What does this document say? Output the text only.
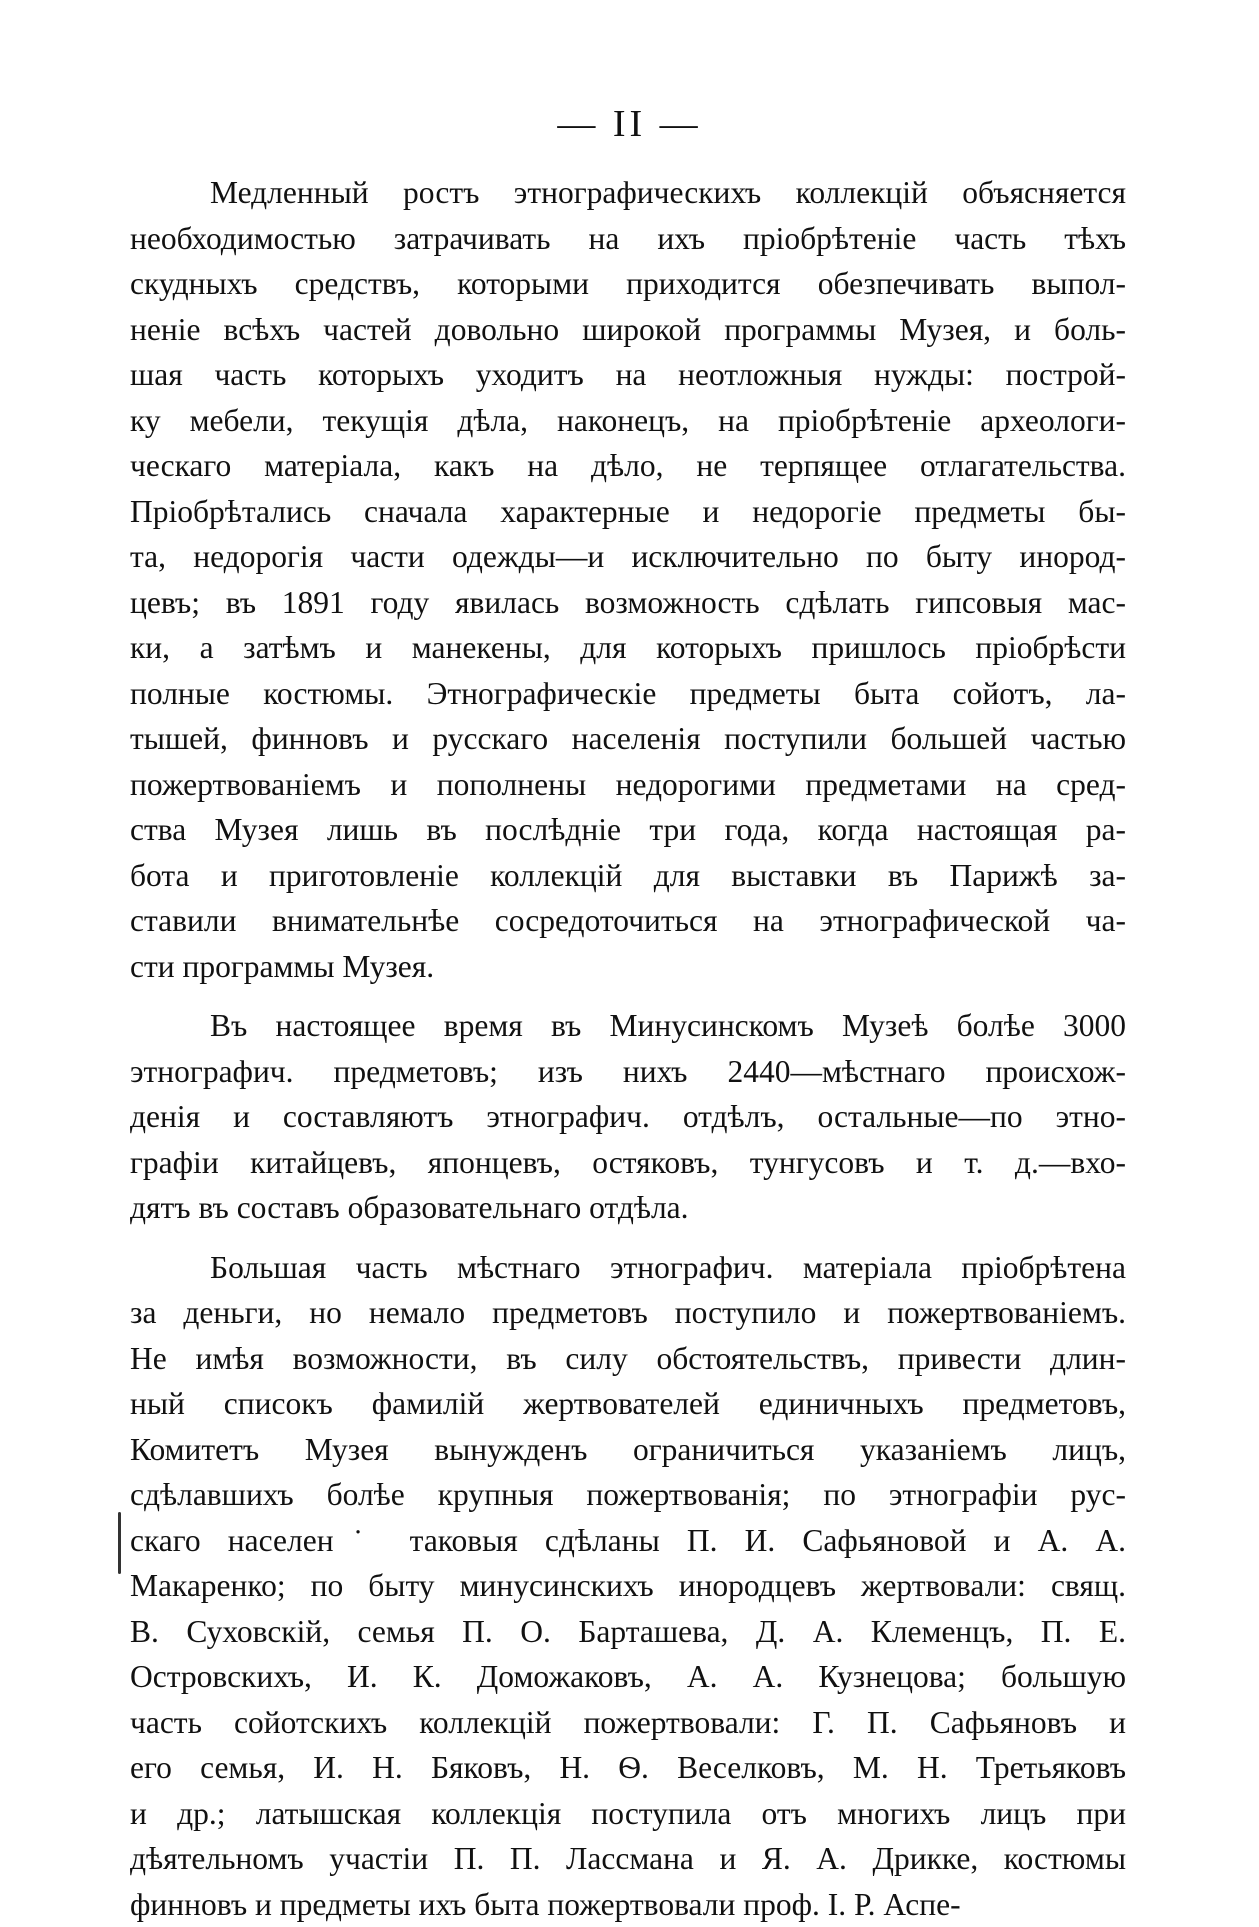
— II —
Медленный ростъ этнографическихъ коллекцій объясняется
необходимостью затрачивать на ихъ пріобрѣтеніе часть тѣхъ
скудныхъ средствъ, которыми приходится обезпечивать выпол-
неніе всѣхъ частей довольно широкой программы Музея, и боль-
шая часть которыхъ уходитъ на неотложныя нужды: построй-
ку мебели, текущія дѣла, наконецъ, на пріобрѣтеніе археологи-
ческаго матеріала, какъ на дѣло, не терпящее отлагательства.
Пріобрѣтались сначала характерные и недорогіе предметы бы-
та, недорогія части одежды—и исключительно по быту инород-
цевъ; въ 1891 году явилась возможность сдѣлать гипсовыя мас-
ки, а затѣмъ и манекены, для которыхъ пришлось пріобрѣсти
полные костюмы. Этнографическіе предметы быта сойотъ, ла-
тышей, финновъ и русскаго населенія поступили большей частью
пожертвованіемъ и пополнены недорогими предметами на сред-
ства Музея лишь въ послѣдніе три года, когда настоящая ра-
бота и приготовленіе коллекцій для выставки въ Парижѣ за-
ставили внимательнѣе сосредоточиться на этнографической ча-
сти программы Музея.
Въ настоящее время въ Минусинскомъ Музеѣ болѣе 3000
этнографич. предметовъ; изъ нихъ 2440—мѣстнаго происхож-
денія и составляютъ этнографич. отдѣлъ, остальные—по этно-
графіи китайцевъ, японцевъ, остяковъ, тунгусовъ и т. д.—вхо-
дятъ въ составъ образовательнаго отдѣла.
Большая часть мѣстнаго этнографич. матеріала пріобрѣтена
за деньги, но немало предметовъ поступило и пожертвованіемъ.
Не имѣя возможности, въ силу обстоятельствъ, привести длин-
ный списокъ фамилій жертвователей единичныхъ предметовъ,
Комитетъ Музея вынужденъ ограничиться указаніемъ лицъ,
сдѣлавшихъ болѣе крупныя пожертвованія; по этнографіи рус-
скаго населен˙ таковыя сдѣланы П. И. Сафьяновой и А. А.
Макаренко; по быту минусинскихъ инородцевъ жертвовали: свящ.
В. Суховскій, семья П. О. Барташева, Д. А. Клеменцъ, П. Е.
Островскихъ, И. К. Доможаковъ, А. А. Кузнецова; большую
часть сойотскихъ коллекцій пожертвовали: Г. П. Сафьяновъ и
его семья, И. Н. Бяковъ, Н. Ѳ. Веселковъ, М. Н. Третьяковъ
и др.; латышская коллекція поступила отъ многихъ лицъ при
дѣятельномъ участіи П. П. Лассмана и Я. А. Дрикке, костюмы
финновъ и предметы ихъ быта пожертвовали проф. І. Р. Аспе-
